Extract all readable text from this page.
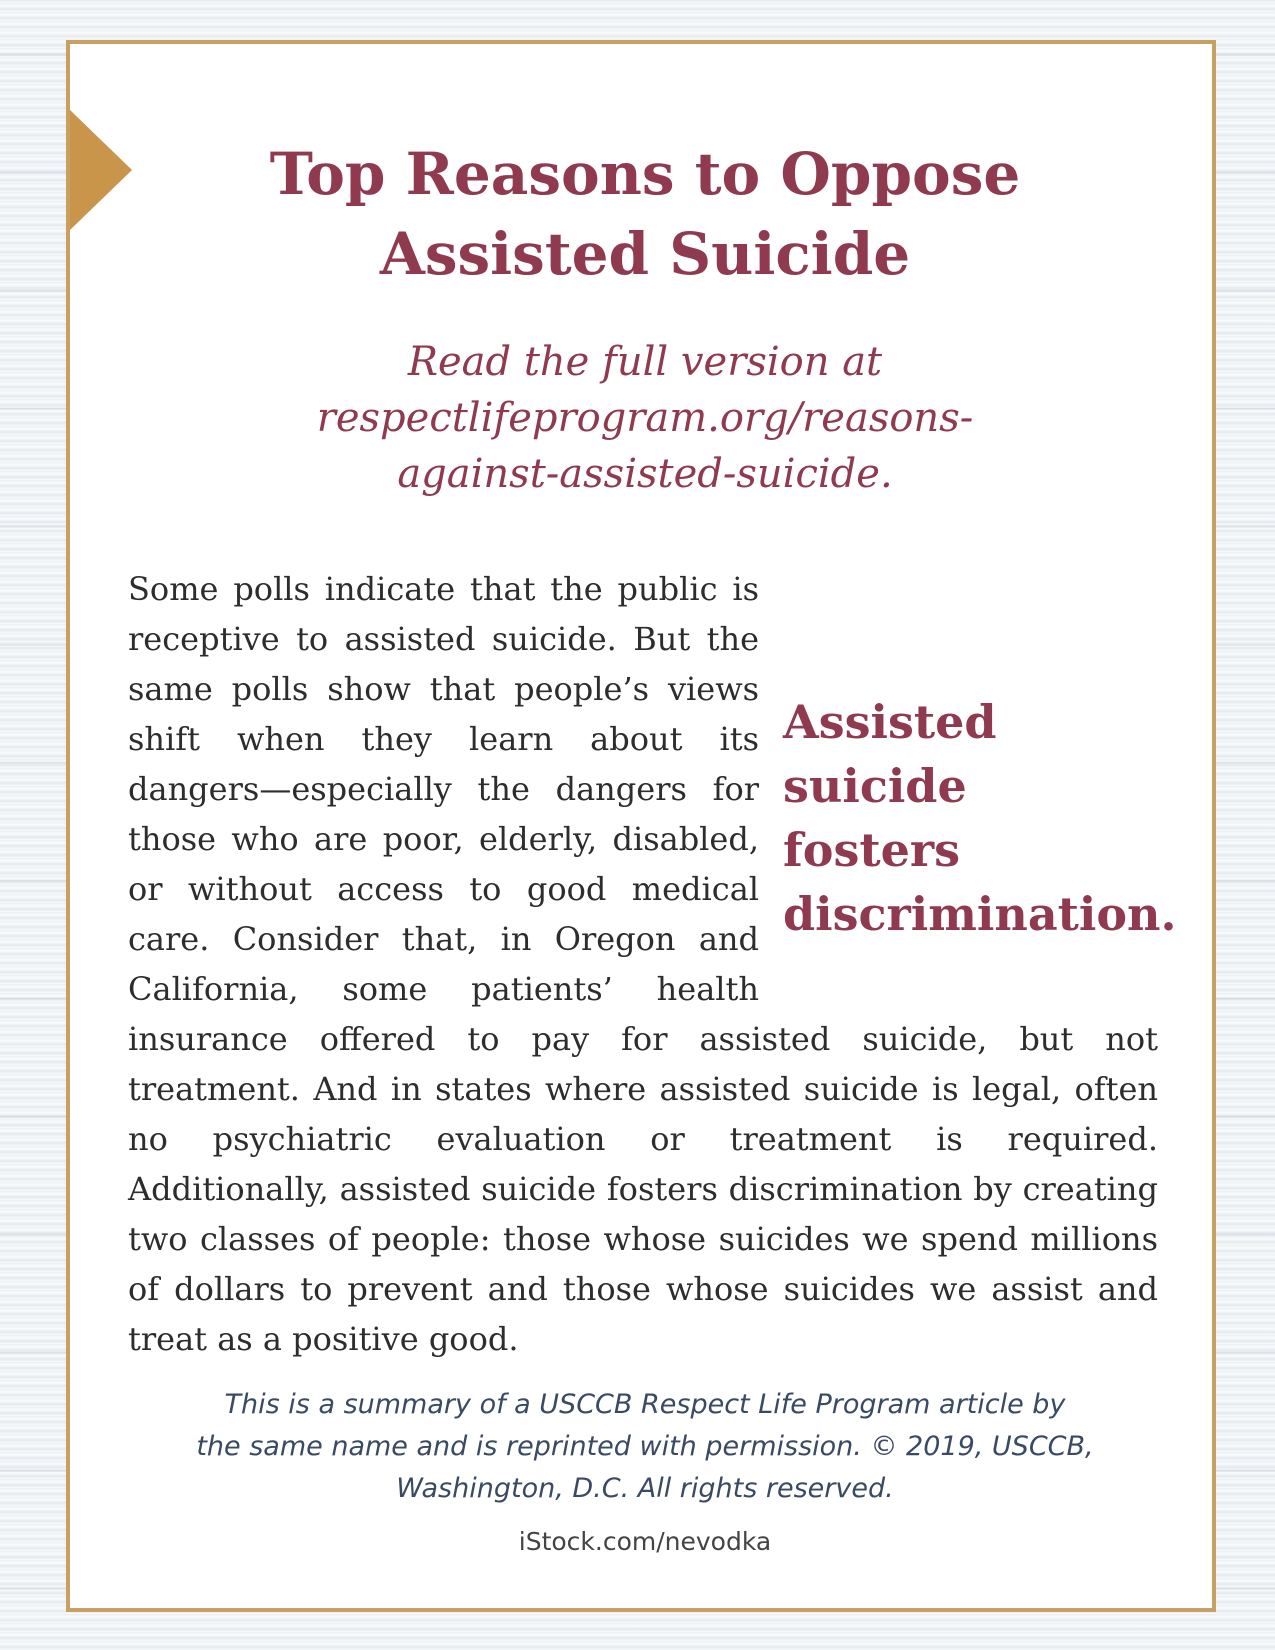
Top Reasons to Oppose
Assisted Suicide

Read the full version at
respectlifeprogram.org/reasons-
against-assisted-suicide.

Assisted
suicide fosters
discrimination.

Some polls indicate that the public is receptive to assisted suicide. But the same polls show that people’s views shift when they learn about its dangers—especially the dangers for those who are poor, elderly, disabled, or without access to good medical care. Consider that, in Oregon and California, some patients’ health insurance offered to pay for assisted suicide, but not treatment. And in states where assisted suicide is legal, often no psychiatric evaluation or treatment is required. Additionally, assisted suicide fosters discrimination by creating two classes of people: those whose suicides we spend millions of dollars to prevent and those whose suicides we assist and treat as a positive good.

This is a summary of a USCCB Respect Life Program article by
the same name and is reprinted with permission. © 2019, USCCB,
Washington, D.C. All rights reserved.

iStock.com/nevodka
